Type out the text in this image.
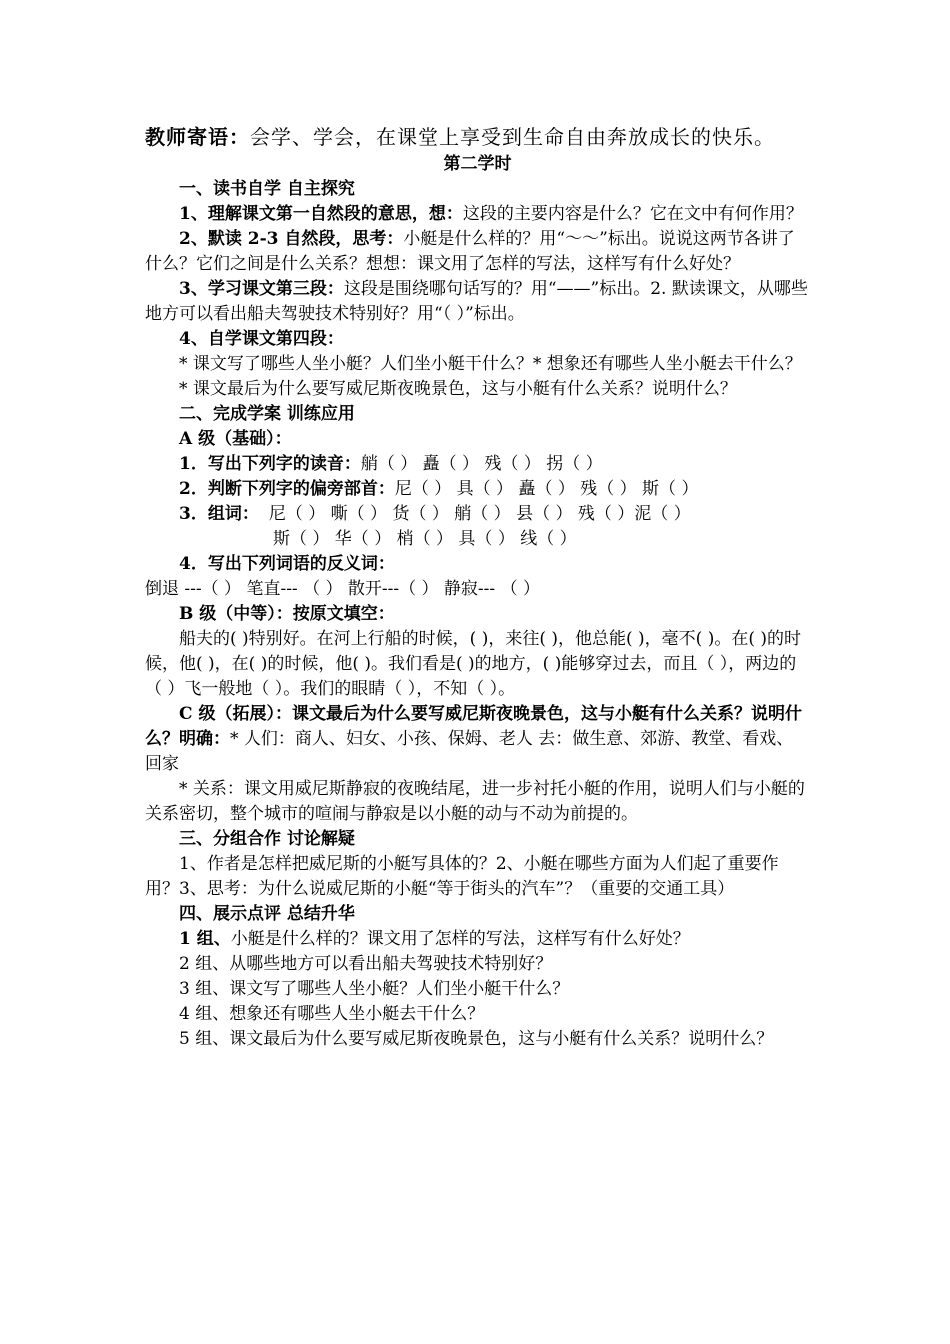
教师寄语：会学、学会，在课堂上享受到生命自由奔放成长的快乐。

第二学时

一、读书自学 自主探究

1、理解课文第一自然段的意思，想：这段的主要内容是什么？它在文中有何作用？

2、默读 2-3 自然段，思考：小艇是什么样的？用“～～”标出。说说这两节各讲了什么？它们之间是什么关系？想想：课文用了怎样的写法，这样写有什么好处？

3、学习课文第三段：这段是围绕哪句话写的？用“——”标出。2. 默读课文，从哪些地方可以看出船夫驾驶技术特别好？用“（ ）”标出。

4、自学课文第四段：

* 课文写了哪些人坐小艇？人们坐小艇干什么？* 想象还有哪些人坐小艇去干什么？

* 课文最后为什么要写威尼斯夜晚景色，这与小艇有什么关系？说明什么？

二、完成学案 训练应用

A 级（基础）：

1．写出下列字的读音：艄（ ） 矗（ ） 残（ ） 拐（ ）

2．判断下列字的偏旁部首：尼（ ） 具（ ） 矗（ ） 残（ ） 斯（ ）

3．组词： 尼（ ） 嘶（ ） 货（ ） 艄（ ） 县（ ） 残（ ）泥（ ）

斯（ ） 华（ ） 梢（ ） 具（ ） 线（ ）

4．写出下列词语的反义词：

倒退 ---（ ） 笔直--- （ ） 散开---（ ） 静寂--- （ ）

B 级（中等）：按原文填空：

船夫的( )特别好。在河上行船的时候，( )，来往( )，他总能( )，毫不( )。在( )的时候，他( )，在( )的时候，他( )。我们看是( )的地方，( )能够穿过去，而且（ ），两边的（ ）飞一般地（ ）。我们的眼睛（ ），不知（ ）。

C 级（拓展）：课文最后为什么要写威尼斯夜晚景色，这与小艇有什么关系？说明什么？明确：* 人们：商人、妇女、小孩、保姆、老人 去：做生意、郊游、教堂、看戏、回家

* 关系：课文用威尼斯静寂的夜晚结尾，进一步衬托小艇的作用，说明人们与小艇的关系密切，整个城市的喧闹与静寂是以小艇的动与不动为前提的。

三、分组合作 讨论解疑

1、作者是怎样把威尼斯的小艇写具体的？2、小艇在哪些方面为人们起了重要作用？3、思考：为什么说威尼斯的小艇“等于街头的汽车”？（重要的交通工具）

四、展示点评 总结升华

1 组、小艇是什么样的？课文用了怎样的写法，这样写有什么好处？

2 组、从哪些地方可以看出船夫驾驶技术特别好？

3 组、课文写了哪些人坐小艇？人们坐小艇干什么？

4 组、想象还有哪些人坐小艇去干什么？

5 组、课文最后为什么要写威尼斯夜晚景色，这与小艇有什么关系？说明什么？
